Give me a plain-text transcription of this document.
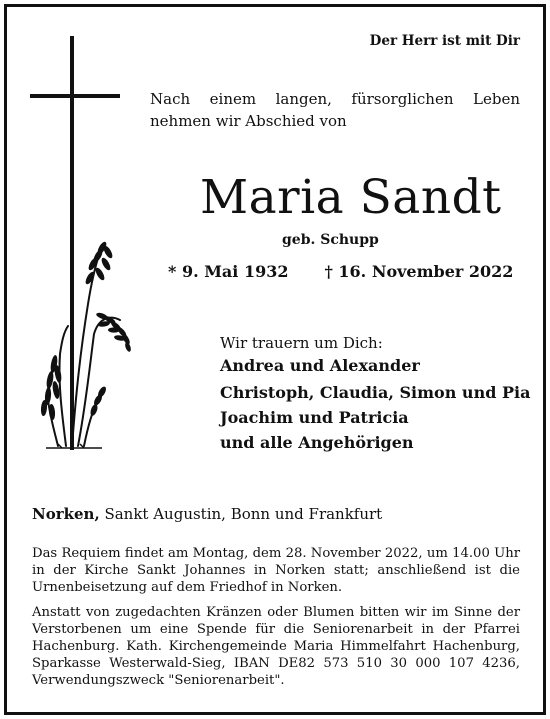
Der Herr ist mit Dir
Nach einem langen, fürsorglichen Leben
nehmen wir Abschied von
Maria Sandt
geb. Schupp
* 9. Mai 1932 † 16. November 2022
Wir trauern um Dich:
Andrea und Alexander
Christoph, Claudia, Simon und Pia
Joachim und Patricia
und alle Angehörigen
Norken, Sankt Augustin, Bonn und Frankfurt
Das Requiem findet am Montag, dem 28. November 2022, um 14.00 Uhr in der Kirche Sankt Johannes in Norken statt; anschließend ist die Urnenbeisetzung auf dem Friedhof in Norken.
Anstatt von zugedachten Kränzen oder Blumen bitten wir im Sinne der
Verstorbenen um eine Spende für die Seniorenarbeit in der Pfarrei
Hachenburg. Kath. Kirchengemeinde Maria Himmelfahrt Hachenburg,
Sparkasse Westerwald-Sieg, IBAN DE82 573 510 30 000 107 4236,
Verwendungszweck "Seniorenarbeit".
